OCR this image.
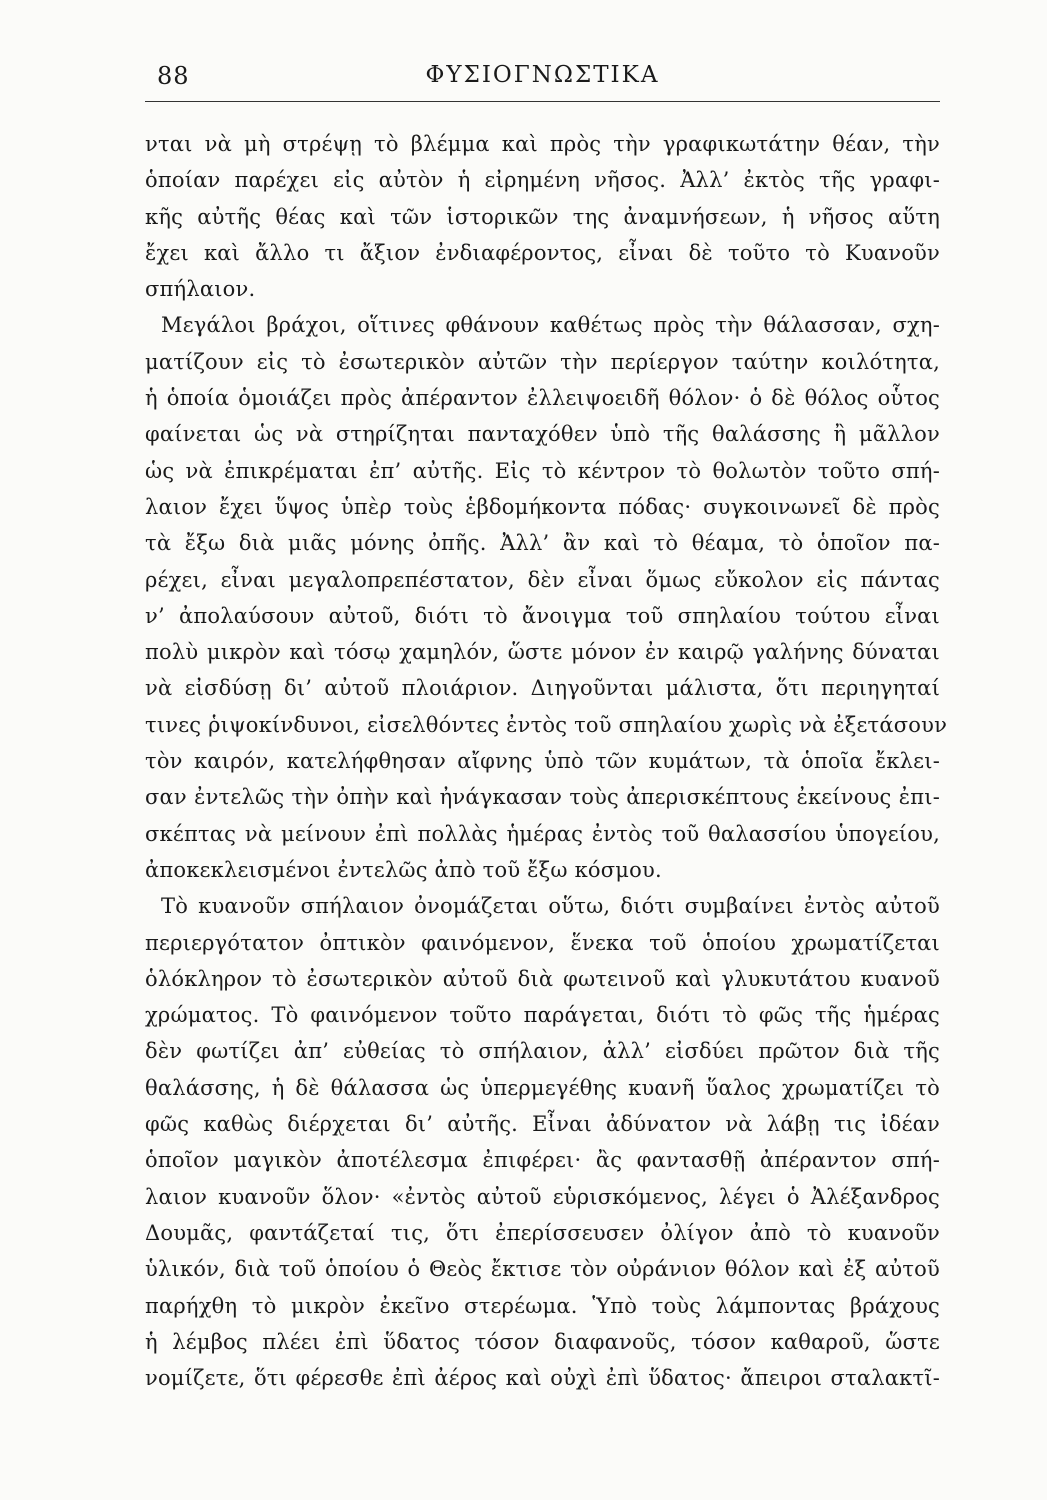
88	ΦΥΣΙΟΓΝΩΣΤΙΚΑ

νται νὰ μὴ στρέψῃ τὸ βλέμμα καὶ πρὸς τὴν γραφικωτάτην θέαν, τὴν
ὁποίαν παρέχει εἰς αὐτὸν ἡ εἰρημένη νῆσος. Ἀλλ’ ἐκτὸς τῆς γραφι-
κῆς αὐτῆς θέας καὶ τῶν ἱστορικῶν της ἀναμνήσεων, ἡ νῆσος αὕτη
ἔχει καὶ ἄλλο τι ἄξιον ἐνδιαφέροντος, εἶναι δὲ τοῦτο τὸ Κυανοῦν
σπήλαιον.

Μεγάλοι βράχοι, οἵτινες φθάνουν καθέτως πρὸς τὴν θάλασσαν, σχη-
ματίζουν εἰς τὸ ἐσωτερικὸν αὐτῶν τὴν περίεργον ταύτην κοιλότητα,
ἡ ὁποία ὁμοιάζει πρὸς ἀπέραντον ἐλλειψοειδῆ θόλον· ὁ δὲ θόλος οὗτος
φαίνεται ὡς νὰ στηρίζηται πανταχόθεν ὑπὸ τῆς θαλάσσης ἢ μᾶλλον
ὡς νὰ ἐπικρέμαται ἐπ’ αὐτῆς. Εἰς τὸ κέντρον τὸ θολωτὸν τοῦτο σπή-
λαιον ἔχει ὕψος ὑπὲρ τοὺς ἑβδομήκοντα πόδας· συγκοινωνεῖ δὲ πρὸς
τὰ ἔξω διὰ μιᾶς μόνης ὀπῆς. Ἀλλ’ ἂν καὶ τὸ θέαμα, τὸ ὁποῖον πα-
ρέχει, εἶναι μεγαλοπρεπέστατον, δὲν εἶναι ὅμως εὔκολον εἰς πάντας
ν’ ἀπολαύσουν αὐτοῦ, διότι τὸ ἄνοιγμα τοῦ σπηλαίου τούτου εἶναι
πολὺ μικρὸν καὶ τόσῳ χαμηλόν, ὥστε μόνον ἐν καιρῷ γαλήνης δύναται
νὰ εἰσδύσῃ δι’ αὐτοῦ πλοιάριον. Διηγοῦνται μάλιστα, ὅτι περιηγηταί
τινες ῥιψοκίνδυνοι, εἰσελθόντες ἐντὸς τοῦ σπηλαίου χωρὶς νὰ ἐξετάσουν
τὸν καιρόν, κατελήφθησαν αἴφνης ὑπὸ τῶν κυμάτων, τὰ ὁποῖα ἔκλει-
σαν ἐντελῶς τὴν ὀπὴν καὶ ἠνάγκασαν τοὺς ἀπερισκέπτους ἐκείνους ἐπι-
σκέπτας νὰ μείνουν ἐπὶ πολλὰς ἡμέρας ἐντὸς τοῦ θαλασσίου ὑπογείου,
ἀποκεκλεισμένοι ἐντελῶς ἀπὸ τοῦ ἔξω κόσμου.

Τὸ κυανοῦν σπήλαιον ὀνομάζεται οὕτω, διότι συμβαίνει ἐντὸς αὐτοῦ
περιεργότατον ὀπτικὸν φαινόμενον, ἕνεκα τοῦ ὁποίου χρωματίζεται
ὁλόκληρον τὸ ἐσωτερικὸν αὐτοῦ διὰ φωτεινοῦ καὶ γλυκυτάτου κυανοῦ
χρώματος. Τὸ φαινόμενον τοῦτο παράγεται, διότι τὸ φῶς τῆς ἡμέρας
δὲν φωτίζει ἀπ’ εὐθείας τὸ σπήλαιον, ἀλλ’ εἰσδύει πρῶτον διὰ τῆς
θαλάσσης, ἡ δὲ θάλασσα ὡς ὑπερμεγέθης κυανῆ ὕαλος χρωματίζει τὸ
φῶς καθὼς διέρχεται δι’ αὐτῆς. Εἶναι ἀδύνατον νὰ λάβῃ τις ἰδέαν
ὁποῖον μαγικὸν ἀποτέλεσμα ἐπιφέρει· ἂς φαντασθῇ ἀπέραντον σπή-
λαιον κυανοῦν ὅλον· «ἐντὸς αὐτοῦ εὑρισκόμενος, λέγει ὁ Ἀλέξανδρος
Δουμᾶς, φαντάζεταί τις, ὅτι ἐπερίσσευσεν ὀλίγον ἀπὸ τὸ κυανοῦν
ὑλικόν, διὰ τοῦ ὁποίου ὁ Θεὸς ἔκτισε τὸν οὐράνιον θόλον καὶ ἐξ αὐτοῦ
παρήχθη τὸ μικρὸν ἐκεῖνο στερέωμα. Ὑπὸ τοὺς λάμποντας βράχους
ἡ λέμβος πλέει ἐπὶ ὕδατος τόσον διαφανοῦς, τόσον καθαροῦ, ὥστε
νομίζετε, ὅτι φέρεσθε ἐπὶ ἀέρος καὶ οὐχὶ ἐπὶ ὕδατος· ἄπειροι σταλακτῖ-
